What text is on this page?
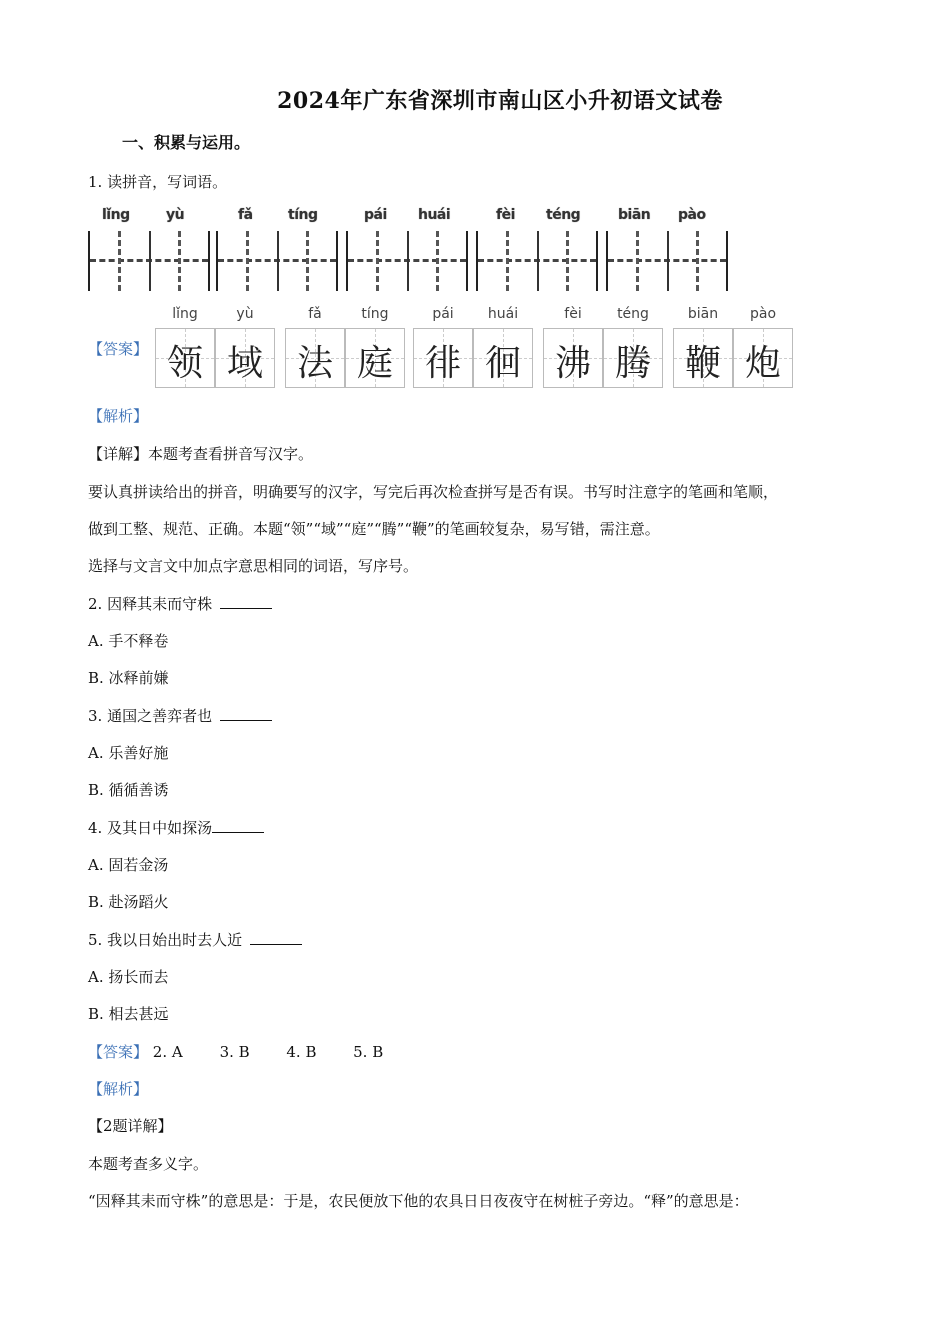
2024年广东省深圳市南山区小升初语文试卷
一、积累与运用。
1. 读拼音，写词语。
lǐng	yù	fǎ	tíng	pái huái	fèi téng	biān pào
【答案】
lǐng	yù	fǎ	tíng	pái	huái	fèi	téng	biān	pào
领 域 法 庭 徘 徊 沸 腾 鞭 炮
【解析】
【详解】本题考查看拼音写汉字。
要认真拼读给出的拼音，明确要写的汉字，写完后再次检查拼写是否有误。书写时注意字的笔画和笔顺，
做到工整、规范、正确。本题“领”“域”“庭”“腾”“鞭”的笔画较复杂，易写错，需注意。
选择与文言文中加点字意思相同的词语，写序号。
2. 因释其耒而守株
A. 手不释卷
B. 冰释前嫌
3. 通国之善弈者也
A. 乐善好施
B. 循循善诱
4. 及其日中如探汤
A. 固若金汤
B. 赴汤蹈火
5. 我以日始出时去人近
A. 扬长而去
B. 相去甚远
【答案】 2. A 3. B 4. B 5. B
【解析】
【2题详解】
本题考查多义字。
“因释其耒而守株”的意思是：于是，农民便放下他的农具日日夜夜守在树桩子旁边。“释”的意思是：
